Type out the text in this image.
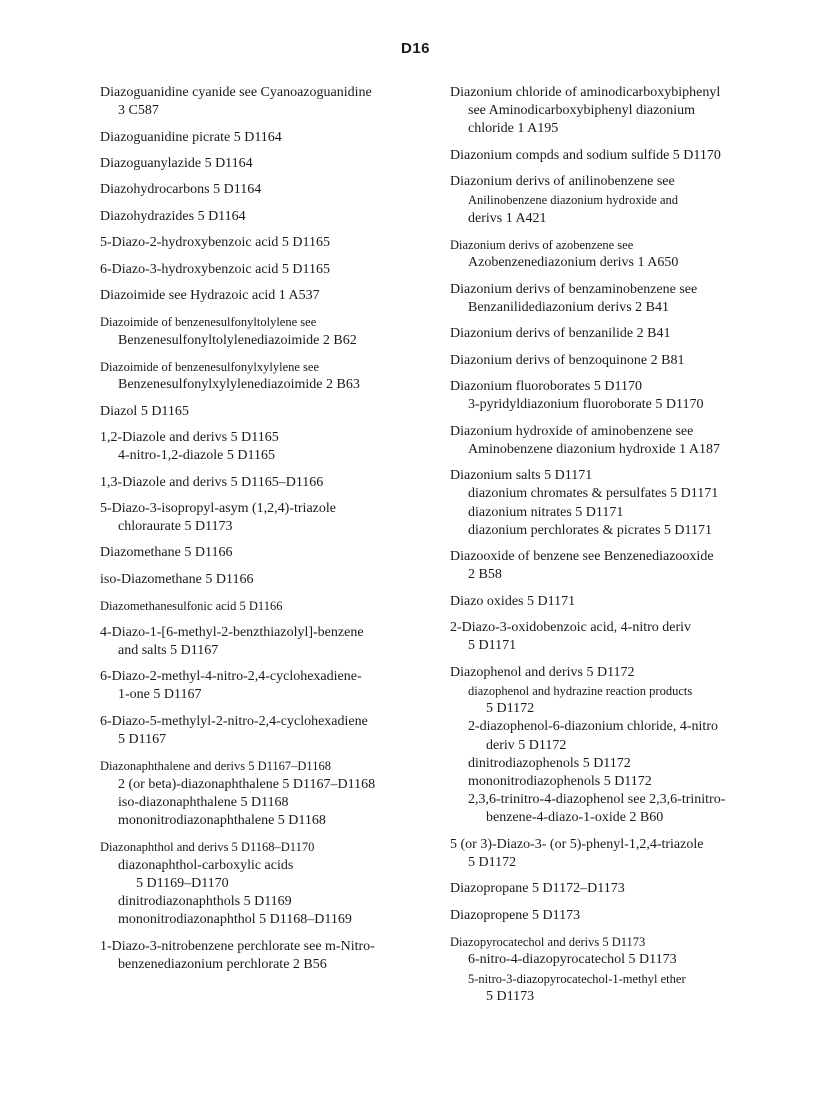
D16
Diazoguanidine cyanide see Cyanoazoguanidine
3 C587
Diazoguanidine picrate 5 D1164
Diazoguanylazide 5 D1164
Diazohydrocarbons 5 D1164
Diazohydrazides 5 D1164
5-Diazo-2-hydroxybenzoic acid 5 D1165
6-Diazo-3-hydroxybenzoic acid 5 D1165
Diazoimide see Hydrazoic acid 1 A537
Diazoimide of benzenesulfonyltolylene see
Benzenesulfonyltolylenediazoimide 2 B62
Diazoimide of benzenesulfonylxylylene see
Benzenesulfonylxylylenediazoimide 2 B63
Diazol 5 D1165
1,2-Diazole and derivs 5 D1165
4-nitro-1,2-diazole 5 D1165
1,3-Diazole and derivs 5 D1165–D1166
5-Diazo-3-isopropyl-asym (1,2,4)-triazole
chloraurate 5 D1173
Diazomethane 5 D1166
iso-Diazomethane 5 D1166
Diazomethanesulfonic acid 5 D1166
4-Diazo-1-[6-methyl-2-benzthiazolyl]-benzene
and salts 5 D1167
6-Diazo-2-methyl-4-nitro-2,4-cyclohexadiene-
1-one 5 D1167
6-Diazo-5-methylyl-2-nitro-2,4-cyclohexadiene
5 D1167
Diazonaphthalene and derivs 5 D1167–D1168
2 (or beta)-diazonaphthalene 5 D1167–D1168
iso-diazonaphthalene 5 D1168
mononitrodiazonaphthalene 5 D1168
Diazonaphthol and derivs 5 D1168–D1170
diazonaphthol-carboxylic acids
5 D1169–D1170
dinitrodiazonaphthols 5 D1169
mononitrodiazonaphthol 5 D1168–D1169
1-Diazo-3-nitrobenzene perchlorate see m-Nitro-
benzenediazonium perchlorate 2 B56
Diazonium chloride of aminodicarboxybiphenyl
see Aminodicarboxybiphenyl diazonium
chloride 1 A195
Diazonium compds and sodium sulfide 5 D1170
Diazonium derivs of anilinobenzene see
Anilinobenzene diazonium hydroxide and
derivs 1 A421
Diazonium derivs of azobenzene see
Azobenzenediazonium derivs 1 A650
Diazonium derivs of benzaminobenzene see
Benzanilidediazonium derivs 2 B41
Diazonium derivs of benzanilide 2 B41
Diazonium derivs of benzoquinone 2 B81
Diazonium fluoroborates 5 D1170
3-pyridyldiazonium fluoroborate 5 D1170
Diazonium hydroxide of aminobenzene see
Aminobenzene diazonium hydroxide 1 A187
Diazonium salts 5 D1171
diazonium chromates & persulfates 5 D1171
diazonium nitrates 5 D1171
diazonium perchlorates & picrates 5 D1171
Diazooxide of benzene see Benzenediazooxide
2 B58
Diazo oxides 5 D1171
2-Diazo-3-oxidobenzoic acid, 4-nitro deriv
5 D1171
Diazophenol and derivs 5 D1172
diazophenol and hydrazine reaction products
5 D1172
2-diazophenol-6-diazonium chloride, 4-nitro
deriv 5 D1172
dinitrodiazophenols 5 D1172
mononitrodiazophenols 5 D1172
2,3,6-trinitro-4-diazophenol see 2,3,6-trinitro-
benzene-4-diazo-1-oxide 2 B60
5 (or 3)-Diazo-3- (or 5)-phenyl-1,2,4-triazole
5 D1172
Diazopropane 5 D1172–D1173
Diazopropene 5 D1173
Diazopyrocatechol and derivs 5 D1173
6-nitro-4-diazopyrocatechol 5 D1173
5-nitro-3-diazopyrocatechol-1-methyl ether
5 D1173
